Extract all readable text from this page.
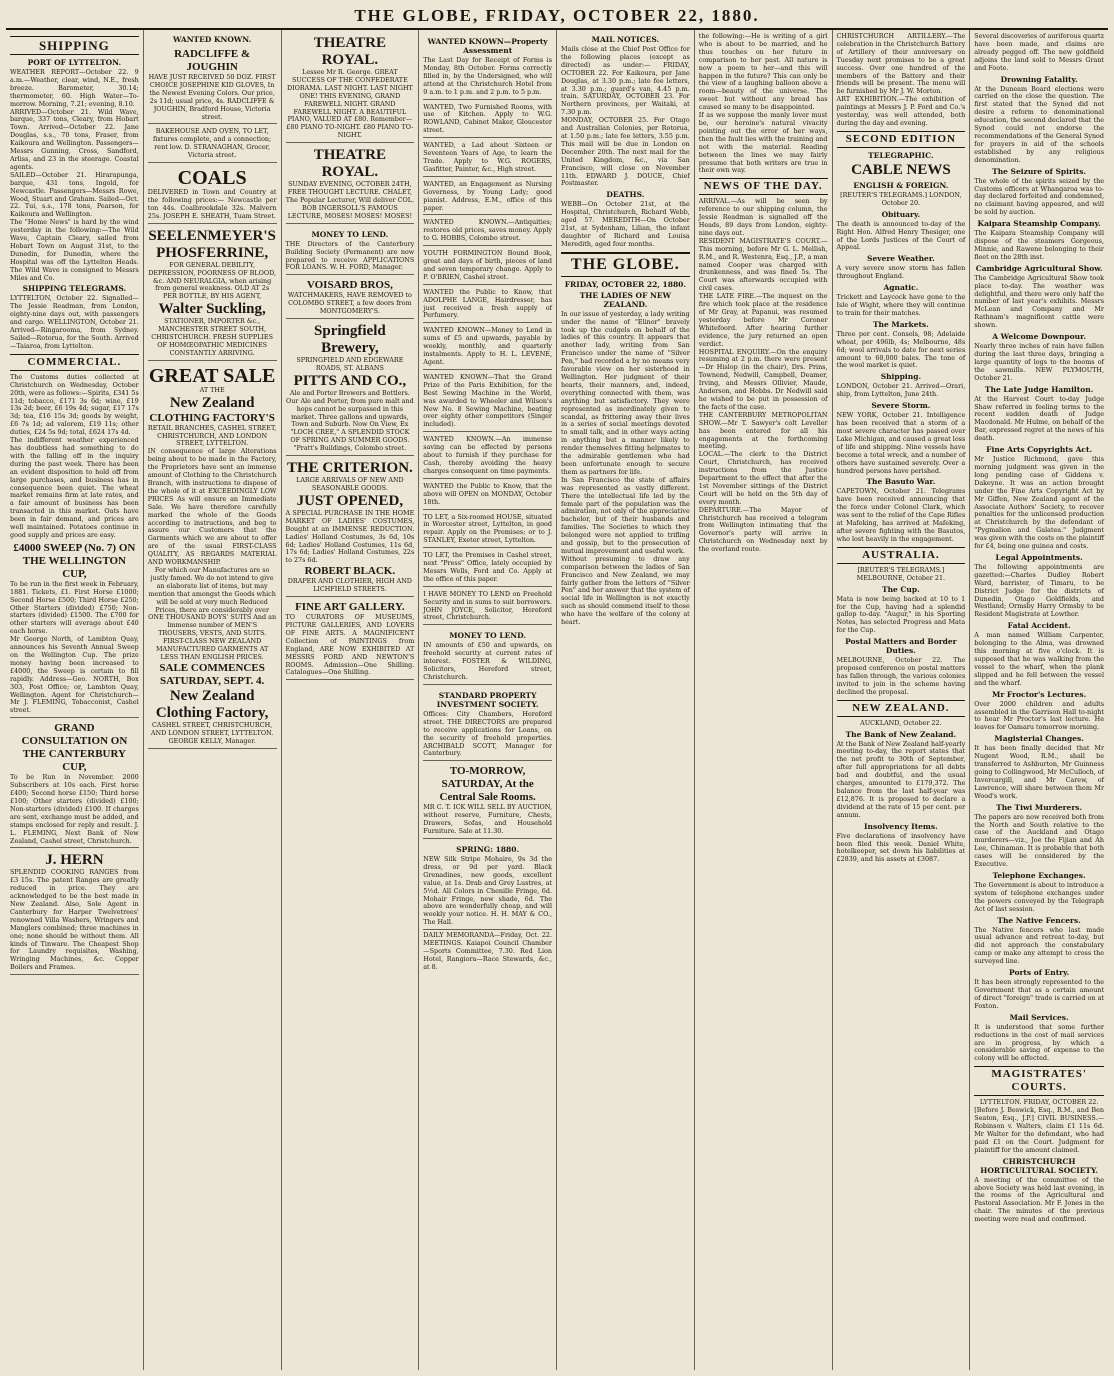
THE GLOBE, FRIDAY, OCTOBER 22, 1880.
SHIPPING
PORT OF LYTTELTON.
WEATHER REPORT—October 22. 9 a.m.—Weather, clear, wind, N.E., fresh breeze. Barometer, 30.14; thermometer, 60. High Water—To-morrow. Morning, 7.21; evening, 8.10.
ARRIVED—October 21. Wild Wave, barque, 337 tons, Cleary, from Hobart Town. Arrived—October 22. Jane Douglas, s.s., 70 tons, Fraser, from Kaikoura and Wellington. Passengers—Messrs Gunning, Cross, Sandford, Arliss, and 23 in the steerage. Coastal agents.
SAILED—October 21. Hirarapunga, barque, 431 tons, Ingold, for Newcastle. Passengers—Messrs Rowe, Wood, Stuart and Graham. Sailed—Oct. 22. Tui, s.s., 178 tons, Pearson, for Kaikoura and Wellington.
The "Home News" is hard by the wind yesterday in the following:—The Wild Wave, Captain Cleary, sailed from Hobart Town on August 31st, to the Dunedin, for Dunedin, where the Hospital was off the Lyttelton Heads. The Wild Wave is consigned to Messrs Miles and Co.
SHIPPING TELEGRAMS.
LYTTELTON, October 22. Signalled—The Jessie Readman, from London, eighty-nine days out, with passengers and cargo. WELLINGTON, October 21. Arrived—Ringarooma, from Sydney. Sailed—Rotorua, for the South. Arrived—Taiaroa, from Lyttelton.
COMMERCIAL.
The Customs duties collected at Christchurch on Wednesday, October 20th, were as follows:—Spirits, £341 5s 11d; tobacco, £171 3s 6d; wine, £19 13s 2d; beer, £6 19s 4d; sugar, £17 17s 3d; tea, £16 15s 3d; goods by weight, £6 7s 1d; ad valorem, £19 11s; other duties, £24 5s 9d; total, £624 17s 4d.
The indifferent weather experienced has doubtless had something to do with the falling off in the inquiry during the past week. There has been an evident disposition to hold off from large purchases, and business has in consequence been quiet. The wheat market remains firm at late rates, and a fair amount of business has been transacted in this market. Oats have been in fair demand, and prices are well maintained. Potatoes continue in good supply and prices are easy.
£4000 SWEEP (No. 7) ON THE WELLINGTON CUP,
To be run in the first week in February, 1881. Tickets, £1. First Horse £1000; Second Horse £500; Third Horse £250; Other Starters (divided) £750; Non-starters (divided) £1500. The £700 for other starters will average about £40 each horse.
Mr George North, of Lambton Quay, announces his Seventh Annual Sweep on the Wellington Cup. The prize money having been increased to £4000, the Sweep is certain to fill rapidly. Address—Geo. NORTH, Box 303, Post Office; or, Lambton Quay, Wellington. Agent for Christchurch—Mr J. FLEMING, Tobacconist, Cashel street.
GRAND CONSULTATION ON THE CANTERBURY CUP,
To be Run in November. 2000 Subscribers at 10s each. First horse £400; Second horse £150; Third horse £100; Other starters (divided) £100; Non-starters (divided) £100. If charges are sent, exchange must be added, and stamps enclosed for reply and result. J. L. FLEMING, Next Bank of New Zealand, Cashel street, Christchurch.
J. HERN
SPLENDID COOKING RANGES from £3 15s. The patent Ranges are greatly reduced in price. They are acknowledged to be the best made in New Zealand. Also, Sole Agent in Canterbury for Harper Twelvetrees' renowned Villa Washers, Wringers and Manglers combined; three machines in one; none should be without them. All kinds of Tinware. The Cheapest Shop for Laundry requisites, Washing, Wringing Machines, &c. Copper Boilers and Frames.
WANTED KNOWN.
RADCLIFFE & JOUGHIN
HAVE JUST RECEIVED 50 DOZ. FIRST CHOICE JOSEPHINE KID GLOVES, In the Newest Evening Colors. Our price, 2s 11d; usual price, 4s. RADCLIFFE & JOUGHIN, Bradford House, Victoria street.
BAKEHOUSE AND OVEN, TO LET, fixtures complete, and a connection; rent low. D. STRANAGHAN, Grocer, Victoria street.
COALS
DELIVERED in Town and Country at the following prices:— Newcastle per ton 44s. Coalbrookdale 32s. Malvern 25s. JOSEPH E. SHEATH, Tuam Street.
SEELENMEYER'S PHOSFERRINE,
FOR GENERAL DEBILITY, DEPRESSION, POORNESS OF BLOOD, &c. AND NEURALGIA, when arising from general weakness. OLD AT 2s PER BOTTLE, BY HIS AGENT,
Walter Suckling,
STATIONER, IMPORTER &c., MANCHESTER STREET SOUTH, CHRISTCHURCH. FRESH SUPPLIES OF HOMŒOPATHIC MEDICINES CONSTANTLY ARRIVING.
GREAT SALE
AT THE
New Zealand
CLOTHING FACTORY'S
RETAIL BRANCHES, CASHEL STREET, CHRISTCHURCH, AND LONDON STREET, LYTTELTON.
IN consequence of large Alterations being about to be made in the Factory, the Proprietors have sent an immense amount of Clothing to the Christchurch Branch, with instructions to dispose of the whole of it at EXCEEDINGLY LOW PRICES As will ensure an Immediate Sale. We have therefore carefully marked the whole of the Goods according to instructions, and beg to assure our Customers that the Garments which we are about to offer are of the usual FIRST-CLASS QUALITY, AS REGARDS MATERIAL AND WORKMANSHIP.
For which our Manufactures are so justly famed. We do not intend to give an elaborate list of items, but may mention that amongst the Goods which will be sold at very much Reduced Prices, there are considerably over ONE THOUSAND BOYS' SUITS And an Immense number of MEN'S TROUSERS, VESTS, AND SUITS. FIRST-CLASS NEW ZEALAND MANUFACTURED GARMENTS AT LESS THAN ENGLISH PRICES.
SALE COMMENCES SATURDAY, SEPT. 4.
New Zealand Clothing Factory,
CASHEL STREET, CHRISTCHURCH, AND LONDON STREET, LYTTELTON. GEORGE KELLY, Manager.
THEATRE ROYAL.
Lessee Mr R. George. GREAT SUCCESS OF THE CONFEDERATE DIORAMA. LAST NIGHT. LAST NIGHT ONE! THIS EVENING, GRAND FAREWELL NIGHT. GRAND FAREWELL NIGHT. A BEAUTIFUL PIANO, VALUED AT £80. Remember— £80 PIANO TO-NIGHT. £80 PIANO TO-NIGHT.
THEATRE ROYAL.
SUNDAY EVENING, OCTOBER 24TH, FREE THOUGHT LECTURE. CHALET, The Popular Lecturer, Will deliver COL. BOB INGERSOLL'S FAMOUS LECTURE, MOSES! MOSES! MOSES!
MONEY TO LEND.
THE Directors of the Canterbury Building Society (Permanent) are now prepared to receive APPLICATIONS FOR LOANS. W. H. FORD, Manager.
VOISARD BROS,
WATCHMAKERS, HAVE REMOVED to COLOMBO STREET, a few doors from MONTGOMERY'S.
Springfield Brewery,
SPRINGFIELD AND EDGEWARE ROADS, ST. ALBANS
PITTS AND CO.,
Ale and Porter Brewers and Bottlers. Our Ale and Porter, from pure malt and hops cannot be surpassed in this market. Three gallons and upwards, Town and Suburb. Now On View, Ex "LOCH CREE," A SPLENDID STOCK OF SPRING AND SUMMER GOODS. "Pratt's Buildings, Colombo street.
THE CRITERION.
LARGE ARRIVALS OF NEW AND SEASONABLE GOODS.
JUST OPENED,
A SPECIAL PURCHASE IN THE HOME MARKET OF LADIES' COSTUMES, Bought at an IMMENSE REDUCTION. Ladies' Holland Costumes, 3s 6d, 10s 6d; Ladies' Holland Costumes, 11s 6d, 17s 6d; Ladies' Holland Costumes, 22s to 27s 6d.
ROBERT BLACK.
DRAPER AND CLOTHIER, HIGH AND LICHFIELD STREETS.
FINE ART GALLERY.
TO CURATORS OF MUSEUMS, PICTURE GALLERIES, AND LOVERS OF FINE ARTS. A MAGNIFICENT Collection of PAINTINGS from England, ARE NOW EXHIBITED AT MESSRS FORD AND NEWTON'S ROOMS. Admission—One Shilling. Catalogues—One Shilling.
WANTED KNOWN—Property Assessment
The Last Day for Receipt of Forms is Monday, 8th October. Forms correctly filled in, by the Undersigned, who will attend at the Christchurch Hotel from 9 a.m. to 1 p.m. and 2 p.m. to 5 p.m.
WANTED, Two Furnished Rooms, with use of Kitchen. Apply to W.G. ROWLAND, Cabinet Maker, Gloucester street.
WANTED, a Lad about Sixteen or Seventeen Years of Age, to learn the Trade. Apply to W.G. ROGERS, Gasfitter, Painter, &c., High street.
WANTED, an Engagement as Nursing Governess, by Young Lady; good pianist. Address, E.M., office of this paper.
WANTED KNOWN.—Antiquities; restores old prices, saves money. Apply to G. HOBBS, Colombo street.
YOUTH FORMINGTON Bound Book, great and days of birth, pieces of land and seven temporary change. Apply to P. O'BRIEN, Cashel street.
WANTED the Public to Know, that ADOLPHE LANGE, Hairdresser, has just received a fresh supply of Perfumery.
WANTED KNOWN—Money to Lend in sums of £5 and upwards, payable by weekly, monthly, and quarterly instalments. Apply to H. L. LEVENE, Agent.
WANTED KNOWN—That the Grand Prize of the Paris Exhibition, for the Best Sewing Machine in the World, was awarded to Wheeler and Wilson's New No. 8 Sewing Machine, beating over eighty other competitors (Singer included).
WANTED KNOWN.—An immense saving can be effected by persons about to furnish if they purchase for Cash, thereby avoiding the heavy charges consequent on time payments.
WANTED the Public to Know, that the above will OPEN on MONDAY, October 18th.
TO LET, a Six-roomed HOUSE, situated in Worcester street, Lyttelton, in good repair. Apply on the Premises; or to J. STANLEY, Exeter street, Lyttelton.
TO LET, the Premises in Cashel street, next "Press" Office, lately occupied by Messrs Wells, Ford and Co. Apply at the office of this paper.
I HAVE MONEY TO LEND on Freehold Security and in sums to suit borrowers. JOHN JOYCE, Solicitor, Hereford street, Christchurch.
MONEY TO LEND.
IN amounts of £50 and upwards, on freehold security at current rates of interest. FOSTER & WILDING, Solicitors, Hereford street, Christchurch.
STANDARD PROPERTY INVESTMENT SOCIETY.
Offices: City Chambers, Hereford street. THE DIRECTORS are prepared to receive applications for Loans, on the security of freehold properties. ARCHIBALD SCOTT, Manager for Canterbury.
TO-MORROW, SATURDAY, At the Central Sale Rooms.
MR C. T. ICK WILL SELL BY AUCTION, without reserve, Furniture, Chests, Drawers, Sofas, and Household Furniture. Sale at 11.30.
SPRING: 1880.
NEW Silk Stripe Mohaire, 9s 3d the dress, or 9d per yard. Black Grenadines, new goods, excellent value, at 1s. Drab and Grey Lustres, at 5½d. All Colors in Chenille Fringe, 6d. Mohair Fringe, new shade, 6d. The above are wonderfully cheap, and will weekly your notice. H. H. MAY & CO., The Hall.
DAILY MEMORANDA—Friday, Oct. 22. MEETINGS. Kaiapoi Council Chamber—Sports Committee, 7.30. Red Lion Hotel, Rangiora—Race Stewards, &c., at 8.
MAIL NOTICES.
Mails close at the Chief Post Office for the following places (except as directed) as under:— FRIDAY, OCTOBER 22. For Kaikoura, per Jane Douglas, at 3.30 p.m.; late fee letters, at 3.30 p.m.; guard's van, 4.45 p.m. train. SATURDAY, OCTOBER 23. For Northern provinces, per Waitaki, at 7.30 p.m.
MONDAY, OCTOBER 25. For Otago and Australian Colonies, per Rotorua, at 1.50 p.m.; late fee letters, 3.55 p.m. This mail will be due in London on December 20th. The next mail for the United Kingdom, &c., via San Francisco, will close on November 11th. EDWARD J. DOUCE, Chief Postmaster.
DEATHS.
WEBB—On October 21st, at the Hospital, Christchurch, Richard Webb, aged 57. MEREDITH—On October 21st, at Sydenham, Lilian, the infant daughter of Richard and Louisa Meredith, aged four months.
THE GLOBE.
FRIDAY, OCTOBER 22, 1880.
THE LADIES OF NEW ZEALAND.
In our issue of yesterday, a lady writing under the name of "Elinor" bravely took up the cudgels on behalf of the ladies of this country. It appears that another lady, writing from San Francisco under the name of "Silver Pen," had recorded a by no means very favorable view on her sisterhood in Wellington. Her judgment of their hearts, their manners, and, indeed, everything connected with them, was anything but satisfactory. They were represented as inordinately given to scandal, as frittering away their lives in a series of social meetings devoted to small talk, and in other ways acting in anything but a manner likely to render themselves fitting helpmates to the admirable gentlemen who had been unfortunate enough to secure them as partners for life.
In San Francisco the state of affairs was represented as vastly different. There the intellectual life led by the female part of the population was the admiration, not only of the appreciative bachelor, but of their husbands and families. The Societies to which they belonged were not applied to trifling and gossip, but to the prosecution of mutual improvement and useful work.
Without presuming to draw any comparison between the ladies of San Francisco and New Zealand, we may fairly gather from the letters of "Silver Pen" and her answer that the system of social life in Wellington is not exactly such as should commend itself to those who have the welfare of the colony at heart.
the following:—He is writing of a girl who is about to be married, and he thus touches on her future in comparison to her past. All nature is now a poem to her—and this will happen in the future? This can only be the view of a laughing balloon above a room—beauty of the universe. The sweet but without any bread has caused so many to be disappointed.
If as we suppose the manly lover must be, our heroine's natural vivacity pointing out the error of her ways, then the fault lies with the training and not with the material. Reading between the lines we may fairly presume that both writers are true in their own way.
NEWS OF THE DAY.
ARRIVAL.—As will be seen by reference to our shipping column, the Jessie Readman is signalled off the Heads, 89 days from London, eighty-nine days out.
RESIDENT MAGISTRATE'S COURT.—This morning, before Mr G. L. Mellish, R.M., and R. Westenra, Esq., J.P., a man named Cooper was charged with drunkenness, and was fined 5s. The Court was afterwards occupied with civil cases.
THE LATE FIRE.—The inquest on the fire which took place at the residence of Mr Gray, at Papanui, was resumed yesterday before Mr Coroner Whitefoord. After hearing further evidence, the jury returned an open verdict.
HOSPITAL ENQUIRY.—On the enquiry resuming at 2 p.m. there were present—Dr Hislop (in the chair), Drs. Prins, Townend, Nedwill, Campbell, Deamer, Irving, and Messrs Ollivier, Maude, Anderson, and Hobbs. Dr Nedwill said he wished to be put in possession of the facts of the case.
THE CANTERBURY METROPOLITAN SHOW.—Mr T. Sawyer's colt Leveller has been entered for all his engagements at the forthcoming meeting.
LOCAL.—The clerk to the District Court, Christchurch, has received instructions from the Justice Department to the effect that after the 1st November sittings of the District Court will be held on the 5th day of every month.
DEPARTURE.—The Mayor of Christchurch has received a telegram from Wellington intimating that the Governor's party will arrive in Christchurch on Wednesday next by the overland route.
CHRISTCHURCH ARTILLERY.—The celebration in the Christchurch Battery of Artillery of their anniversary on Tuesday next promises to be a great success. Over one hundred of the members of the Battery and their friends will be present. The menu will be furnished by Mr J. W. Morton.
ART EXHIBITION.—The exhibition of paintings at Messrs J. P. Ford and Co.'s yesterday, was well attended, both during the day and evening.
SECOND EDITION
TELEGRAPHIC.
CABLE NEWS
ENGLISH & FOREIGN.
[REUTER'S TELEGRAMS.] LONDON, October 20.
Obituary.
The death is announced to-day of the Right Hon. Alfred Henry Thesiger, one of the Lords Justices of the Court of Appeal.
Severe Weather.
A very severe snow storm has fallen throughout England.
Agnatic.
Trickett and Laycock have gone to the Isle of Wight, where they will continue to train for their matches.
The Markets.
Three per cent. Consols, 98; Adelaide wheat, per 496lb, 4s; Melbourne, 48s 6d; wool arrivals to date for next series amount to 60,000 bales. The tone of the wool market is quiet.
Shipping.
LONDON, October 21. Arrived—Orari, ship, from Lyttelton, June 24th.
Severe Storm.
NEW YORK, October 21. Intelligence has been received that a storm of a most severe character has passed over Lake Michigan, and caused a great loss of life and shipping. Nine vessels have become a total wreck, and a number of others have sustained severely. Over a hundred persons have perished.
The Basuto War.
CAPETOWN, October 21. Telegrams have been received announcing that the force under Colonel Clark, which was sent to the relief of the Cape Rifles at Mafeking, has arrived at Mafeking, after severe fighting with the Basutos, who lost heavily in the engagement.
AUSTRALIA.
[REUTER'S TELEGRAMS.] MELBOURNE, October 21.
The Cup.
Mata is now being backed at 10 to 1 for the Cup, having had a splendid gallop to-day. "Augur," in his Sporting Notes, has selected Progress and Mata for the Cup.
Postal Matters and Border Duties.
MELBOURNE, October 22. The proposed conference on postal matters has fallen through, the various colonies invited to join in the scheme having declined the proposal.
NEW ZEALAND.
AUCKLAND, October 22.
The Bank of New Zealand.
At the Bank of New Zealand half-yearly meeting to-day, the report states that the net profit to 30th of September, after full appropriations for all debts bad and doubtful, and the usual charges, amounted to £179,372. The balance from the last half-year was £12,876. It is proposed to declare a dividend at the rate of 15 per cent. per annum.
Insolvency Items.
Five declarations of insolvency have been filed this week. Daniel White, hotelkeeper, set down his liabilities at £2839, and his assets at £3087.
Several discoveries of auriferous quartz have been made, and claims are already pegged off. The new goldfield adjoins the land sold to Messrs Grant and Foote.
Drowning Fatality.
At the Duneam Board elections were carried on the close the question. The first stated that the Synod did not desire a reform to denominational education, the second declared that the Synod could not endorse the recommendations of the General Synod for prayers in aid of the schools established by any religious denomination.
The Seizure of Spirits.
The whole of the spirits seized by the Customs officers at Whangaroa was to-day declared forfeited and condemned, no claimant having appeared, and will be sold by auction.
Kaipara Steamship Company.
The Kaipara Steamship Company will dispose of the steamers Gorgeous, Minnie, and Rawene belonging to their fleet on the 28th inst.
Cambridge Agricultural Show.
The Cambridge Agricultural Show took place to-day. The weather was delightful, and there were only half the number of last year's exhibits. Messrs McLean and Company and Mr Rathnam's magnificent cattle were shown.
A Welcome Downpour.
Nearly three inches of rain have fallen during the last three days, bringing a large quantity of logs to the booms of the sawmills. NEW PLYMOUTH, October 21.
The Late Judge Hamilton.
At the Harvest Court to-day Judge Shaw referred in feeling terms to the recent sudden death of Judge Macdonald. Mr Hulme, on behalf of the Bar, expressed regret at the news of his death.
Fine Arts Copyrights Act.
Mr Justice Richmond, gave this morning judgment was given in the long pending case of Giddens v. Dakeyne. It was an action brought under the Fine Arts Copyright Act by Mr Giffen, New Zealand agent of the Associate Authors' Society, to recover penalties for the unlicensed production at Christchurch by the defendant of "Pygmalion and Galatea." Judgment was given with the costs on the plaintiff for £4, being one guinea and costs.
Legal Appointments.
The following appointments are gazetted:—Charles Dudley Robert Ward, barrister, of Timaru, to be District Judge for the districts of Dunedin, Otago Goldfields, and Westland; Ormsby Harry Ormsby to be Resident Magistrate at Lowther.
Fatal Accident.
A man named William Carpenter, belonging to the Alma, was drowned this morning at five o'clock. It is supposed that he was walking from the vessel to the wharf, when the plank slipped and he fell between the vessel and the wharf.
Mr Froctor's Lectures.
Over 2000 children and adults assembled in the Garrison Hall to-night to hear Mr Proctor's last lecture. He leaves for Oamaru tomorrow morning.
Magisterial Changes.
It has been finally decided that Mr Nugent Wood, R.M., shall be transferred to Ashburton, Mr Guinness going to Collingwood, Mr McCulloch, of Invercargill, and Mr Carew, of Lawrence, will share between them Mr Wood's work.
The Tiwi Murderers.
The papers are now received both from the North and South relative to the case of the Auckland and Otago murderers—viz., Joe the Fijian and Ah Lee, Chinaman. It is probable that both cases will be considered by the Executive.
Telephone Exchanges.
The Government is about to introduce a system of telephone exchanges under the powers conveyed by the Telegraph Act of last session.
The Native Fencers.
The Native fencers who last made usual advance and retreat to-day, but did not approach the constabulary camp or make any attempt to cross the surveyed line.
Ports of Entry.
It has been strongly represented to the Government that as a certain amount of direct "foreign" trade is carried on at Foxton.
Mail Services.
It is understood that some further reductions in the cost of mail services are in progress, by which a considerable saving of expense to the colony will be effected.
MAGISTRATES' COURTS.
LYTTELTON. FRIDAY, OCTOBER 22.
[Before J. Beswick, Esq., R.M., and Ben Seaton, Esq., J.P.] CIVIL BUSINESS.—Robinson v. Walters, claim £1 11s 6d. Mr Walter for the defendant, who had paid £1 on the Court. Judgment for plaintiff for the amount claimed.
CHRISTCHURCH HORTICULTURAL SOCIETY.
A meeting of the committee of the above Society was held last evening, in the rooms of the Agricultural and Pastoral Association. Mr F. Jones in the chair. The minutes of the previous meeting were read and confirmed.
